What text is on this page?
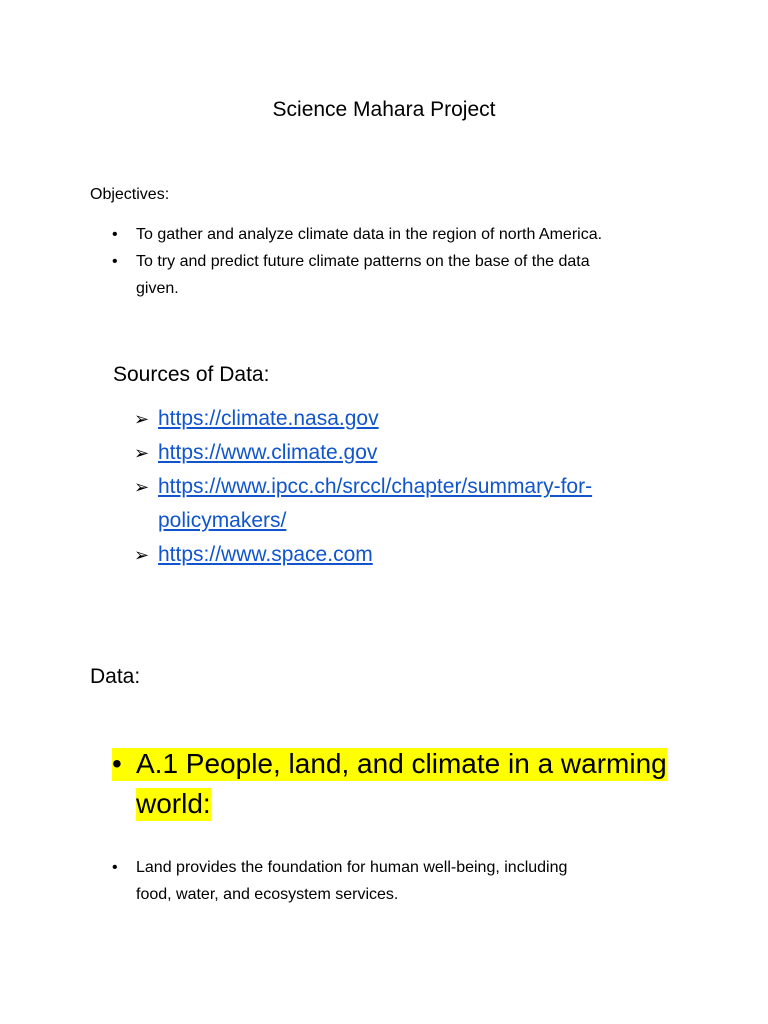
Science Mahara Project
Objectives:
• To gather and analyze climate data in the region of north America.
• To try and predict future climate patterns on the base of the data
given.
Sources of Data:
➢ https://climate.nasa.gov
➢ https://www.climate.gov
➢ https://www.ipcc.ch/srccl/chapter/summary-for-
policymakers/
➢ https://www.space.com
Data:
• A.1 People, land, and climate in a warming
world:
• Land provides the foundation for human well-being, including
food, water, and ecosystem services.
